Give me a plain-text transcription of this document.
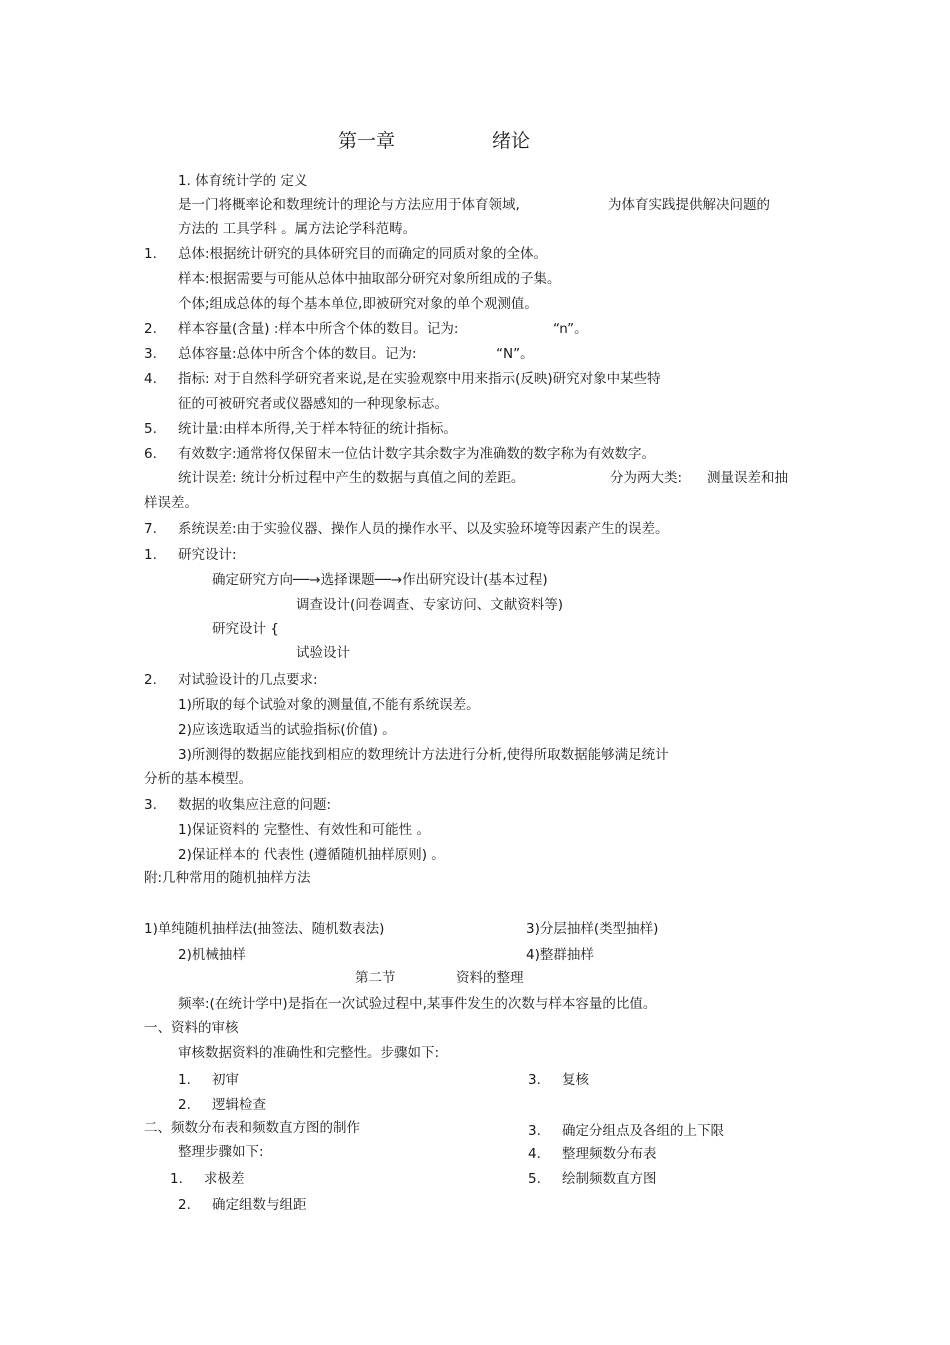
第一章	绪论
1. 体育统计学的 定义
是一门将概率论和数理统计的理论与方法应用于体育领域,	为体育实践提供解决问题的
方法的 工具学科 。属方法论学科范畴。
1. 总体:根据统计研究的具体研究目的而确定的同质对象的全体。
样本:根据需要与可能从总体中抽取部分研究对象所组成的子集。
个体;组成总体的每个基本单位,即被研究对象的单个观测值。
2. 样本容量(含量) :样本中所含个体的数目。记为:	“n”。
3. 总体容量:总体中所含个体的数目。记为:	“N”。
4. 指标: 对于自然科学研究者来说,是在实验观察中用来指示(反映)研究对象中某些特
征的可被研究者或仪器感知的一种现象标志。
5. 统计量:由样本所得,关于样本特征的统计指标。
6. 有效数字:通常将仅保留末一位估计数字其余数字为准确数的数字称为有效数字。
统计误差: 统计分析过程中产生的数据与真值之间的差距。	分为两大类: 测量误差和抽
样误差。
7. 系统误差:由于实验仪器、操作人员的操作水平、以及实验环境等因素产生的误差。
1. 研究设计:
确定研究方向──→选择课题──→作出研究设计(基本过程)
调查设计(问卷调查、专家访问、文献资料等)
研究设计 {
试验设计
2. 对试验设计的几点要求:
1)所取的每个试验对象的测量值,不能有系统误差。
2)应该选取适当的试验指标(价值) 。
3)所测得的数据应能找到相应的数理统计方法进行分析,使得所取数据能够满足统计
分析的基本模型。
3. 数据的收集应注意的问题:
1)保证资料的 完整性、有效性和可能性 。
2)保证样本的 代表性 (遵循随机抽样原则) 。
附:几种常用的随机抽样方法
1)单纯随机抽样法(抽签法、随机数表法)	3)分层抽样(类型抽样)
2)机械抽样	4)整群抽样
第二节	资料的整理
频率:(在统计学中)是指在一次试验过程中,某事件发生的次数与样本容量的比值。
一、资料的审核
审核数据资料的准确性和完整性。步骤如下:
1. 初审	3. 复核
2. 逻辑检查
二、频数分布表和频数直方图的制作	3. 确定分组点及各组的上下限
整理步骤如下:	4. 整理频数分布表
1. 求极差	5. 绘制频数直方图
2. 确定组数与组距
